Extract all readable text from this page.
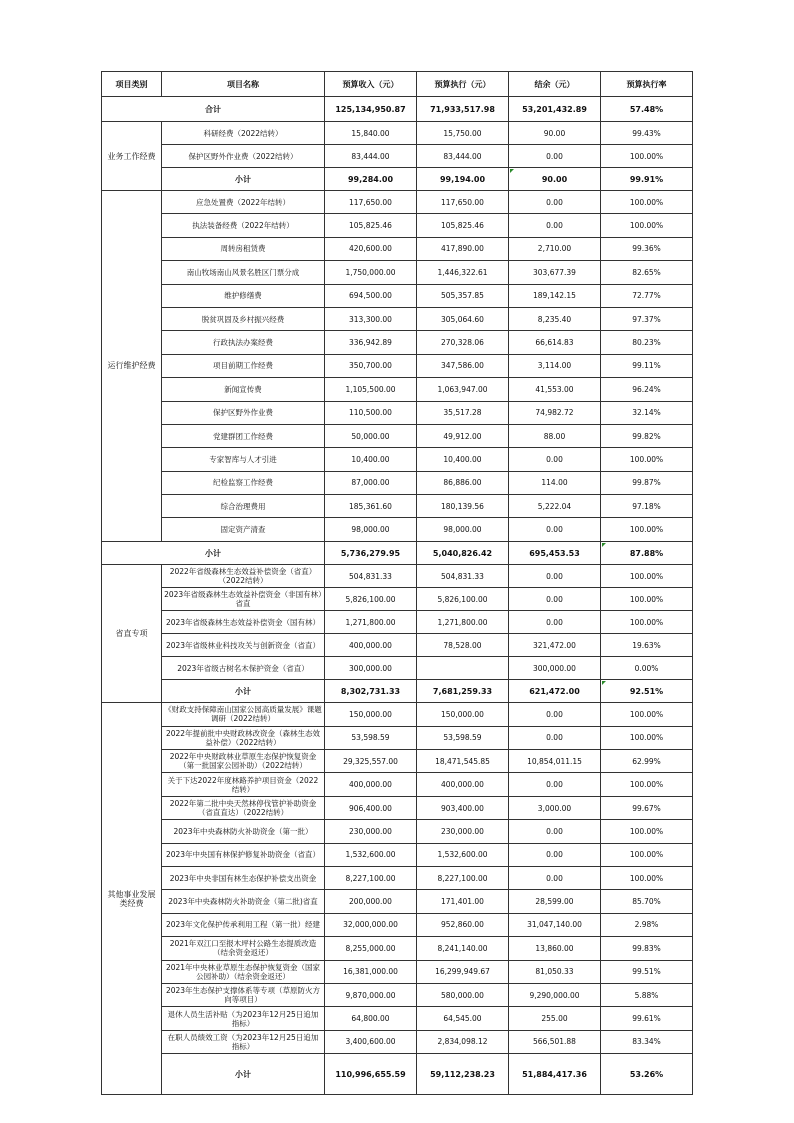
项目类别	项目名称	预算收入（元）	预算执行（元）	结余（元）	预算执行率
合计		125,134,950.87	71,933,517.98	53,201,432.89	57.48%
业务工作经费	科研经费（2022结转）	15,840.00	15,750.00	90.00	99.43%
	保护区野外作业费（2022结转）	83,444.00	83,444.00	0.00	100.00%
	小计	99,284.00	99,194.00	90.00	99.91%
运行维护经费	应急处置费（2022年结转）	117,650.00	117,650.00	0.00	100.00%
	执法装备经费（2022年结转）	105,825.46	105,825.46	0.00	100.00%
	周转房租赁费	420,600.00	417,890.00	2,710.00	99.36%
	南山牧场南山风景名胜区门票分成	1,750,000.00	1,446,322.61	303,677.39	82.65%
	维护修缮费	694,500.00	505,357.85	189,142.15	72.77%
	脱贫巩固及乡村振兴经费	313,300.00	305,064.60	8,235.40	97.37%
	行政执法办案经费	336,942.89	270,328.06	66,614.83	80.23%
	项目前期工作经费	350,700.00	347,586.00	3,114.00	99.11%
	新闻宣传费	1,105,500.00	1,063,947.00	41,553.00	96.24%
	保护区野外作业费	110,500.00	35,517.28	74,982.72	32.14%
	党建群团工作经费	50,000.00	49,912.00	88.00	99.82%
	专家智库与人才引进	10,400.00	10,400.00	0.00	100.00%
	纪检监察工作经费	87,000.00	86,886.00	114.00	99.87%
	综合治理费用	185,361.60	180,139.56	5,222.04	97.18%
	固定资产清查	98,000.00	98,000.00	0.00	100.00%
小计		5,736,279.95	5,040,826.42	695,453.53	87.88%
省直专项	2022年省级森林生态效益补偿资金（省直）（2022结转）	504,831.33	504,831.33	0.00	100.00%
	2023年省级森林生态效益补偿资金（非国有林）省直	5,826,100.00	5,826,100.00	0.00	100.00%
	2023年省级森林生态效益补偿资金（国有林）	1,271,800.00	1,271,800.00	0.00	100.00%
	2023年省级林业科技攻关与创新资金（省直）	400,000.00	78,528.00	321,472.00	19.63%
	2023年省级古树名木保护资金（省直）	300,000.00		300,000.00	0.00%
	小计	8,302,731.33	7,681,259.33	621,472.00	92.51%
其他事业发展类经费	《财政支持保障南山国家公园高质量发展》课题调研（2022结转）	150,000.00	150,000.00	0.00	100.00%
	2022年提前批中央财政林改资金（森林生态效益补偿）（2022结转）	53,598.59	53,598.59	0.00	100.00%
	2022年中央财政林业草原生态保护恢复资金（第一批国家公园补助）（2022结转）	29,325,557.00	18,471,545.85	10,854,011.15	62.99%
	关于下达2022年度林路养护项目资金（2022结转）	400,000.00	400,000.00	0.00	100.00%
	2022年第二批中央天然林停伐管护补助资金（省直直达）（2022结转）	906,400.00	903,400.00	3,000.00	99.67%
	2023年中央森林防火补助资金（第一批）	230,000.00	230,000.00	0.00	100.00%
	2023年中央国有林保护修复补助资金（省直）	1,532,600.00	1,532,600.00	0.00	100.00%
	2023年中央非国有林生态保护补偿支出资金	8,227,100.00	8,227,100.00	0.00	100.00%
	2023年中央森林防火补助资金（第二批)省直	200,000.00	171,401.00	28,599.00	85.70%
	2023年文化保护传承利用工程（第一批）经建	32,000,000.00	952,860.00	31,047,140.00	2.98%
	2021年双江口至报木坪村公路生态提质改造（结余资金返还）	8,255,000.00	8,241,140.00	13,860.00	99.83%
	2021年中央林业草原生态保护恢复资金（国家公园补助）（结余资金返还）	16,381,000.00	16,299,949.67	81,050.33	99.51%
	2023年生态保护支撑体系等专项（草原防火方向等项目）	9,870,000.00	580,000.00	9,290,000.00	5.88%
	退休人员生活补贴（为2023年12月25日追加指标）	64,800.00	64,545.00	255.00	99.61%
	在职人员绩效工资（为2023年12月25日追加指标）	3,400,600.00	2,834,098.12	566,501.88	83.34%
	小计	110,996,655.59	59,112,238.23	51,884,417.36	53.26%
